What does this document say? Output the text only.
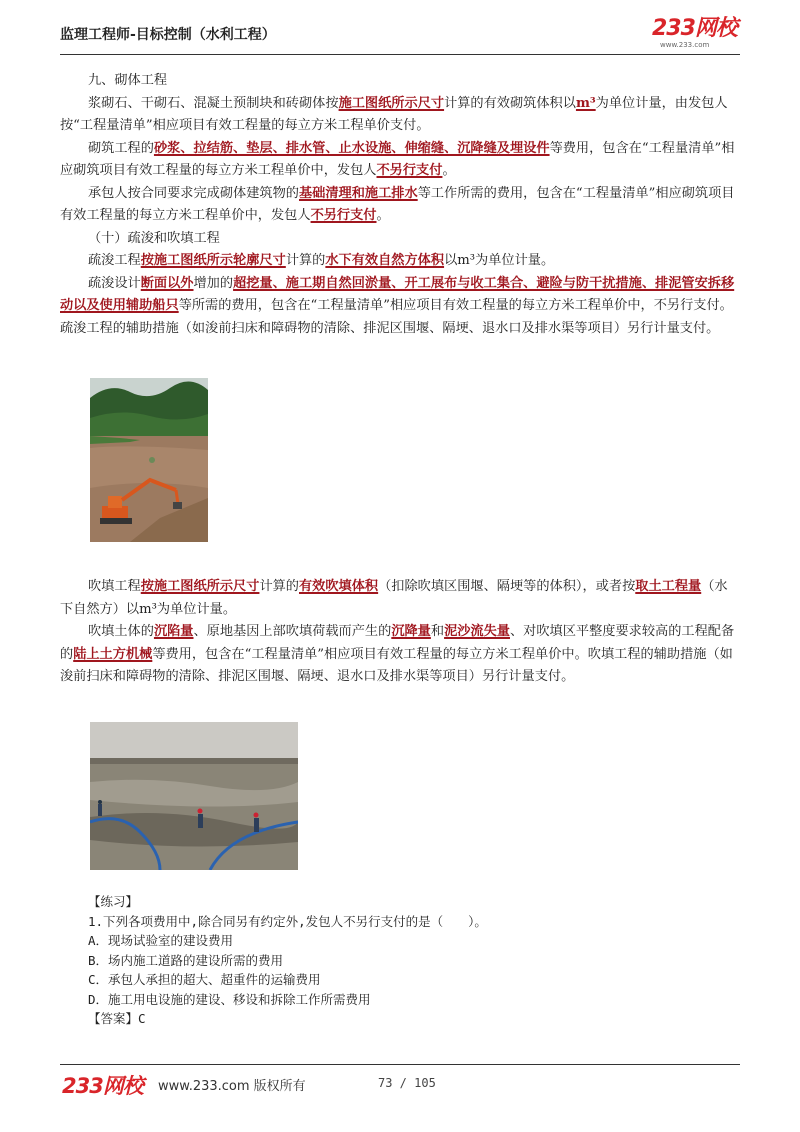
监理工程师-目标控制（水利工程）	233网校
www.233.com

九、砌体工程

浆砌石、干砌石、混凝土预制块和砖砌体按施工图纸所示尺寸计算的有效砌筑体积以m³为单位计量，由发包人按“工程量清单”相应项目有效工程量的每立方米工程单价支付。

砌筑工程的砂浆、拉结筋、垫层、排水管、止水设施、伸缩缝、沉降缝及埋设件等费用，包含在“工程量清单”相应砌筑项目有效工程量的每立方米工程单价中，发包人不另行支付。

承包人按合同要求完成砌体建筑物的基础清理和施工排水等工作所需的费用，包含在“工程量清单”相应砌筑项目有效工程量的每立方米工程单价中，发包人不另行支付。

（十）疏浚和吹填工程

疏浚工程按施工图纸所示轮廓尺寸计算的水下有效自然方体积以m³为单位计量。

疏浚设计断面以外增加的超挖量、施工期自然回淤量、开工展布与收工集合、避险与防干扰措施、排泥管安拆移动以及使用辅助船只等所需的费用，包含在“工程量清单”相应项目有效工程量的每立方米工程单价中，不另行支付。疏浚工程的辅助措施（如浚前扫床和障碍物的清除、排泥区围堰、隔埂、退水口及排水渠等项目）另行计量支付。

吹填工程按施工图纸所示尺寸计算的有效吹填体积（扣除吹填区围堰、隔埂等的体积），或者按取土工程量（水下自然方）以m³为单位计量。

吹填土体的沉陷量、原地基因上部吹填荷载而产生的沉降量和泥沙流失量、对吹填区平整度要求较高的工程配备的陆上土方机械等费用，包含在“工程量清单”相应项目有效工程量的每立方米工程单价中。吹填工程的辅助措施（如浚前扫床和障碍物的清除、排泥区围堰、隔埂、退水口及排水渠等项目）另行计量支付。

【练习】
1.下列各项费用中,除合同另有约定外,发包人不另行支付的是（　　）。
A．现场试验室的建设费用
B．场内施工道路的建设所需的费用
C．承包人承担的超大、超重件的运输费用
D．施工用电设施的建设、移设和拆除工作所需费用
【答案】C
233网校 www.233.com 版权所有	73 / 105
